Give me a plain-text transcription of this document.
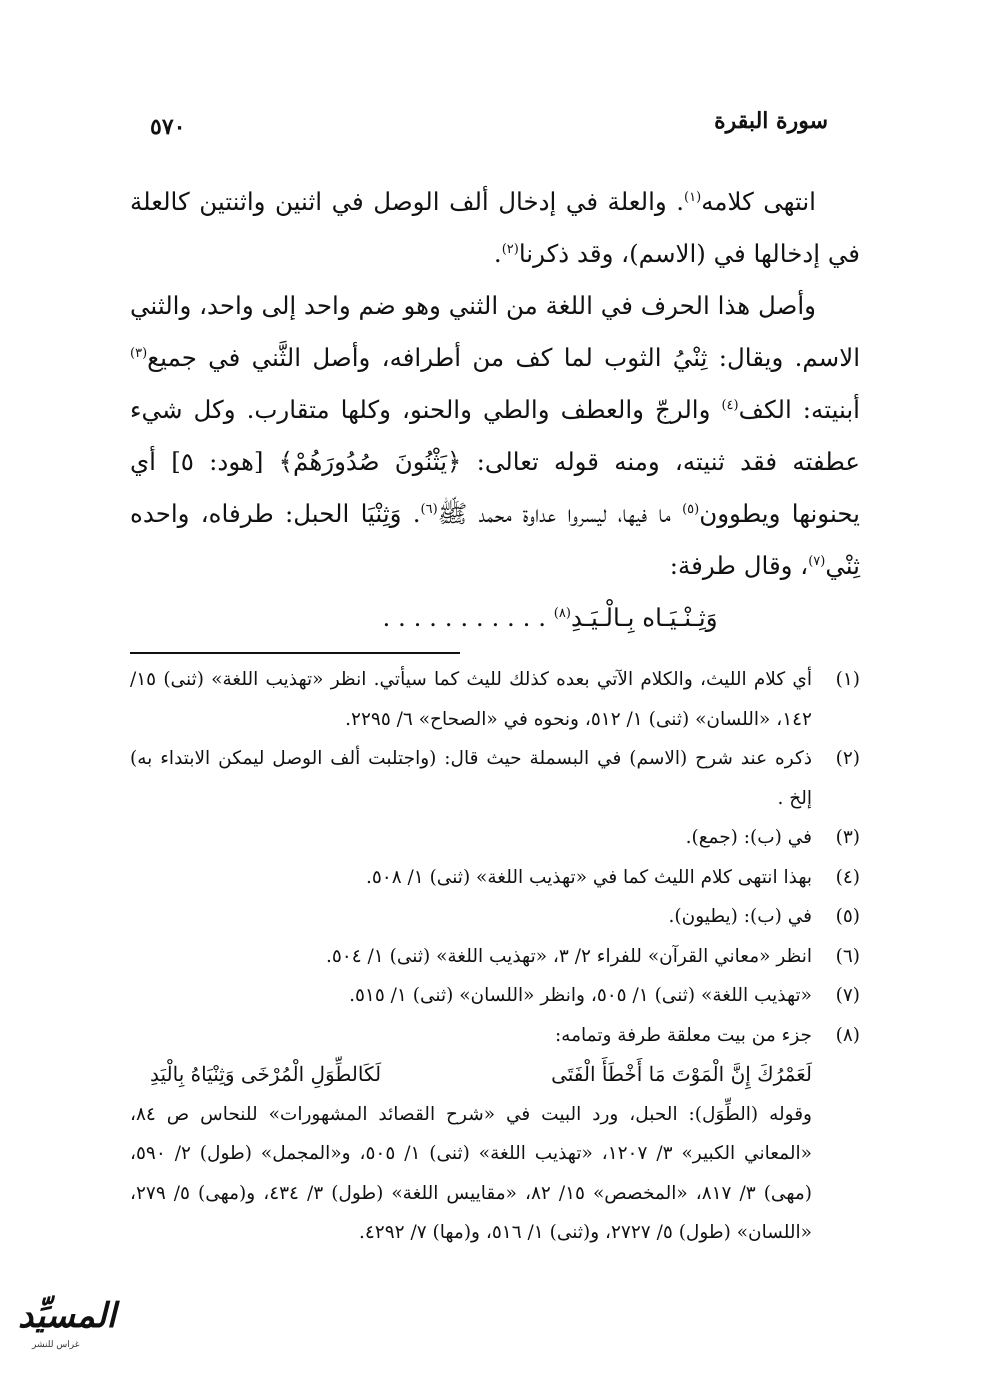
سورة البقرة
٥٧٠

انتهى كلامه$^{(١)}$. والعلة في إدخال ألف الوصل في اثنين واثنتين كالعلة في إدخالها في (الاسم)، وقد ذكرنا$^{(٢)}$.

وأصل هذا الحرف في اللغة من الثني وهو ضم واحد إلى واحد، والثني الاسم. ويقال: ثِنْيُ الثوب لما كف من أطرافه، وأصل الثَّني في جميع$^{(٣)}$ أبنيته: الكف$^{(٤)}$ والرجّ والعطف والطي والحنو، وكلها متقارب. وكل شيء عطفته فقد ثنيته، ومنه قوله تعالى: ﴿يَثْنُونَ صُدُورَهُمْ﴾ [هود: ٥] أي يحنونها ويطوون$^{(٥)}$ ما فيها، ليسروا عداوة محمد ﷺ$^{(٦)}$. وَثِنْيَا الحبل: طرفاه، واحده ثِنْي$^{(٧)}$، وقال طرفة:

وَثِـنْـيَـاه بِـالْـيَـدِ$^{(٨)}$ . . . . . . . . . . .
(١)
أي كلام الليث، والكلام الآتي بعده كذلك لليث كما سيأتي. انظر «تهذيب اللغة» (ثنى) ١٥/ ١٤٢، «اللسان» (ثنى) ١/ ٥١٢، ونحوه في «الصحاح» ٦/ ٢٢٩٥.
(٢)
ذكره عند شرح (الاسم) في البسملة حيث قال: (واجتلبت ألف الوصل ليمكن الابتداء به) إلخ .
(٣)
في (ب): (جمع).
(٤)
بهذا انتهى كلام الليث كما في «تهذيب اللغة» (ثنى) ١/ ٥٠٨.
(٥)
في (ب): (يطيون).
(٦)
انظر «معاني القرآن» للفراء ٢/ ٣، «تهذيب اللغة» (ثنى) ١/ ٥٠٤.
(٧)
«تهذيب اللغة» (ثنى) ١/ ٥٠٥، وانظر «اللسان» (ثنى) ١/ ٥١٥.
(٨)
جزء من بيت معلقة طرفة وتمامه:
لَعَمْرُكَ إِنَّ الْمَوْتَ مَا أَخْطَأَ الْفَتَى
لَكَالطِّوَلِ الْمُرْخَى وَثِنْيَاهُ بِالْيَدِ
وقوله (الطِّوَل): الحبل، ورد البيت في «شرح القصائد المشهورات» للنحاس ص ٨٤، «المعاني الكبير» ٣/ ١٢٠٧، «تهذيب اللغة» (ثنى) ١/ ٥٠٥، و«المجمل» (طول) ٢/ ٥٩٠، (مهى) ٣/ ٨١٧، «المخصص» ١٥/ ٨٢، «مقاييس اللغة» (طول) ٣/ ٤٣٤، و(مهى) ٥/ ٢٧٩، «اللسان» (طول) ٥/ ٢٧٢٧، و(ثنى) ١/ ٥١٦، و(مها) ٧/ ٤٢٩٢.
المسيِّد
غراس للنشر
